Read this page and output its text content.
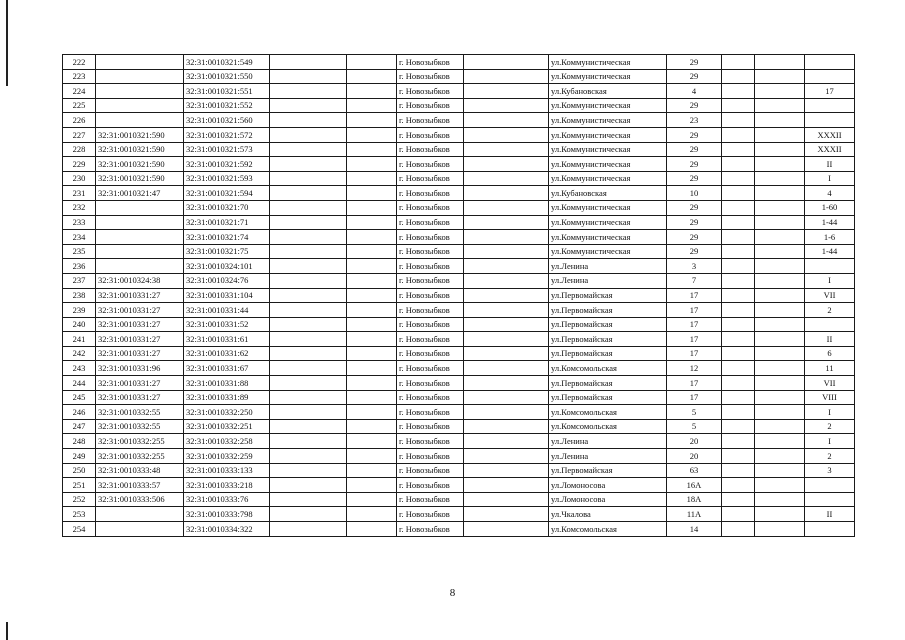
222		32:31:0010321:549			г. Новозыбков		ул.Коммунистическая	29			
223		32:31:0010321:550			г. Новозыбков		ул.Коммунистическая	29			
224		32:31:0010321:551			г. Новозыбков		ул.Кубановская	4			17
225		32:31:0010321:552			г. Новозыбков		ул.Коммунистическая	29			
226		32:31:0010321:560			г. Новозыбков		ул.Коммунистическая	23			
227	32:31:0010321:590	32:31:0010321:572			г. Новозыбков		ул.Коммунистическая	29			XXXII
228	32:31:0010321:590	32:31:0010321:573			г. Новозыбков		ул.Коммунистическая	29			XXXII
229	32:31:0010321:590	32:31:0010321:592			г. Новозыбков		ул.Коммунистическая	29			II
230	32:31:0010321:590	32:31:0010321:593			г. Новозыбков		ул.Коммунистическая	29			I
231	32:31:0010321:47	32:31:0010321:594			г. Новозыбков		ул.Кубановская	10			4
232		32:31:0010321:70			г. Новозыбков		ул.Коммунистическая	29			1-60
233		32:31:0010321:71			г. Новозыбков		ул.Коммунистическая	29			1-44
234		32:31:0010321:74			г. Новозыбков		ул.Коммунистическая	29			1-6
235		32:31:0010321:75			г. Новозыбков		ул.Коммунистическая	29			1-44
236		32:31:0010324:101			г. Новозыбков		ул.Ленина	3			
237	32:31:0010324:38	32:31:0010324:76			г. Новозыбков		ул.Ленина	7			I
238	32:31:0010331:27	32:31:0010331:104			г. Новозыбков		ул.Первомайская	17			VII
239	32:31:0010331:27	32:31:0010331:44			г. Новозыбков		ул.Первомайская	17			2
240	32:31:0010331:27	32:31:0010331:52			г. Новозыбков		ул.Первомайская	17			
241	32:31:0010331:27	32:31:0010331:61			г. Новозыбков		ул.Первомайская	17			II
242	32:31:0010331:27	32:31:0010331:62			г. Новозыбков		ул.Первомайская	17			6
243	32:31:0010331:96	32:31:0010331:67			г. Новозыбков		ул.Комсомольская	12			11
244	32:31:0010331:27	32:31:0010331:88			г. Новозыбков		ул.Первомайская	17			VII
245	32:31:0010331:27	32:31:0010331:89			г. Новозыбков		ул.Первомайская	17			VIII
246	32:31:0010332:55	32:31:0010332:250			г. Новозыбков		ул.Комсомольская	5			I
247	32:31:0010332:55	32:31:0010332:251			г. Новозыбков		ул.Комсомольская	5			2
248	32:31:0010332:255	32:31:0010332:258			г. Новозыбков		ул.Ленина	20			I
249	32:31:0010332:255	32:31:0010332:259			г. Новозыбков		ул.Ленина	20			2
250	32:31:0010333:48	32:31:0010333:133			г. Новозыбков		ул.Первомайская	63			3
251	32:31:0010333:57	32:31:0010333:218			г. Новозыбков		ул.Ломоносова	16А			
252	32:31:0010333:506	32:31:0010333:76			г. Новозыбков		ул.Ломоносова	18А			
253		32:31:0010333:798			г. Новозыбков		ул.Чкалова	11А			II
254		32:31:0010334:322			г. Новозыбков		ул.Комсомольская	14			
8
